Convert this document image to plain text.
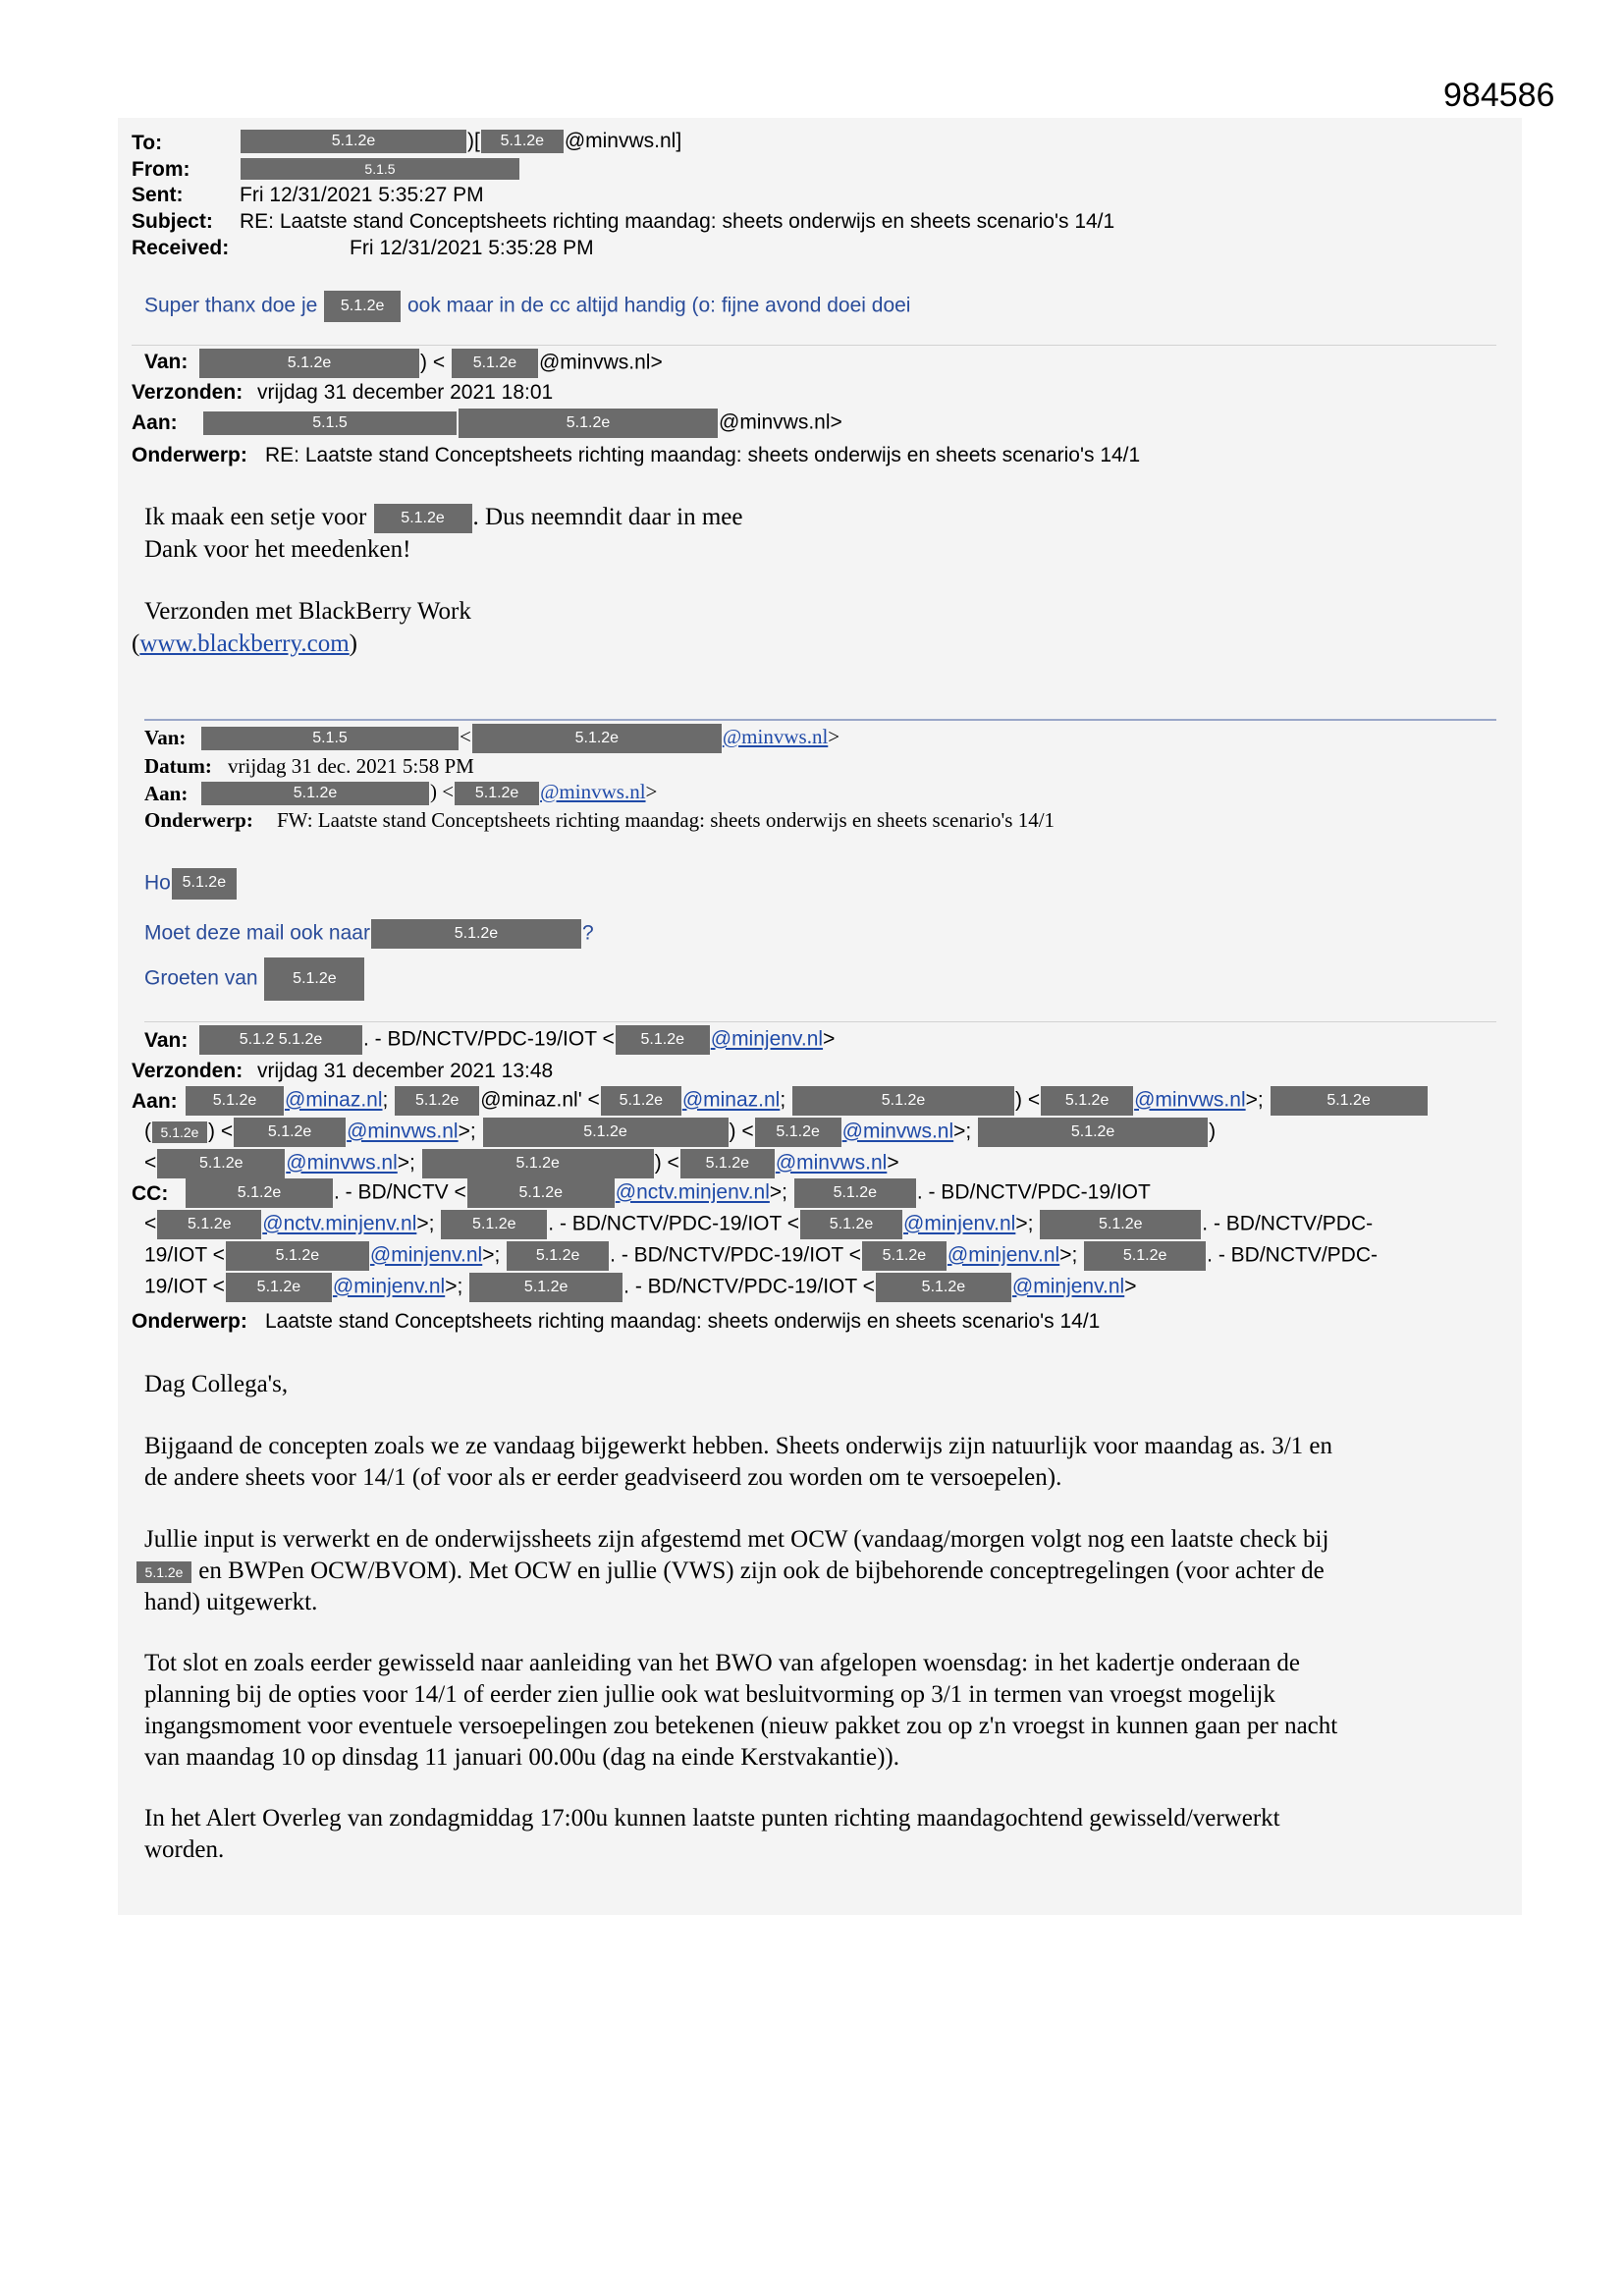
984586
To:	5.1.2e	)[ 5.1.2e @minvws.nl]
From:	5.1.5
Sent:	Fri 12/31/2021 5:35:27 PM
Subject: RE: Laatste stand Conceptsheets richting maandag: sheets onderwijs en sheets scenario's 14/1
Received:	Fri 12/31/2021 5:35:28 PM
Super thanx doe je 5.1.2e ook maar in de cc altijd handig (o: fijne avond doei doei
Van:	5.1.2e	) < 5.1.2e @minvws.nl>
Verzonden: vrijdag 31 december 2021 18:01
Aan:	5.1.5	5.1.2e	@minvws.nl>
Onderwerp: RE: Laatste stand Conceptsheets richting maandag: sheets onderwijs en sheets scenario's 14/1
Ik maak een setje voor 5.1.2e . Dus neemndit daar in mee
Dank voor het meedenken!
Verzonden met BlackBerry Work
(www.blackberry.com)
Van:	5.1.5	<	5.1.2e	@minvws.nl>
Datum: vrijdag 31 dec. 2021 5:58 PM
Aan:	5.1.2e	) < 5.1.2e @minvws.nl>
Onderwerp: FW: Laatste stand Conceptsheets richting maandag: sheets onderwijs en sheets scenario's 14/1
Ho 5.1.2e
Moet deze mail ook naar	5.1.2e	?
Groeten van 5.1.2e
Van:	5.1.2 5.1.2e . - BD/NCTV/PDC-19/IOT < 5.1.2e @minjenv.nl>
Verzonden: vrijdag 31 december 2021 13:48
Aan:	5.1.2e @minaz.nl; 5.1.2e @minaz.nl' < 5.1.2e @minaz.nl;	5.1.2e	) < 5.1.2e @minvws.nl>;	5.1.2e
( 5.1.2e ) < 5.1.2e @minvws.nl>;	5.1.2e	) < 5.1.2e @minvws.nl>;	5.1.2e	)
<	5.1.2e @minvws.nl>;	5.1.2e	) < 5.1.2e @minvws.nl>
CC:	5.1.2e	. - BD/NCTV <	5.1.2e	@nctv.minjenv.nl>;	5.1.2e . - BD/NCTV/PDC-19/IOT
< 5.1.2e @nctv.minjenv.nl>; 5.1.2e . - BD/NCTV/PDC-19/IOT < 5.1.2e @minjenv.nl>;	5.1.2e	. - BD/NCTV/PDC-
19/IOT <	5.1.2e @minjenv.nl>; 5.1.2e . - BD/NCTV/PDC-19/IOT < 5.1.2e @minjenv.nl>;	5.1.2e . - BD/NCTV/PDC-
19/IOT < 5.1.2e @minjenv.nl>;	5.1.2e	. - BD/NCTV/PDC-19/IOT <	5.1.2e @minjenv.nl>
Onderwerp: Laatste stand Conceptsheets richting maandag: sheets onderwijs en sheets scenario's 14/1
Dag Collega's,
Bijgaand de concepten zoals we ze vandaag bijgewerkt hebben. Sheets onderwijs zijn natuurlijk voor maandag as. 3/1 en
de andere sheets voor 14/1 (of voor als er eerder geadviseerd zou worden om te versoepelen).
Jullie input is verwerkt en de onderwijssheets zijn afgestemd met OCW (vandaag/morgen volgt nog een laatste check bij
5.1.2e en BWPen OCW/BVOM). Met OCW en jullie (VWS) zijn ook de bijbehorende conceptregelingen (voor achter de
hand) uitgewerkt.
Tot slot en zoals eerder gewisseld naar aanleiding van het BWO van afgelopen woensdag: in het kadertje onderaan de
planning bij de opties voor 14/1 of eerder zien jullie ook wat besluitvorming op 3/1 in termen van vroegst mogelijk
ingangsmoment voor eventuele versoepelingen zou betekenen (nieuw pakket zou op z'n vroegst in kunnen gaan per nacht
van maandag 10 op dinsdag 11 januari 00.00u (dag na einde Kerstvakantie)).
In het Alert Overleg van zondagmiddag 17:00u kunnen laatste punten richting maandagochtend gewisseld/verwerkt
worden.
